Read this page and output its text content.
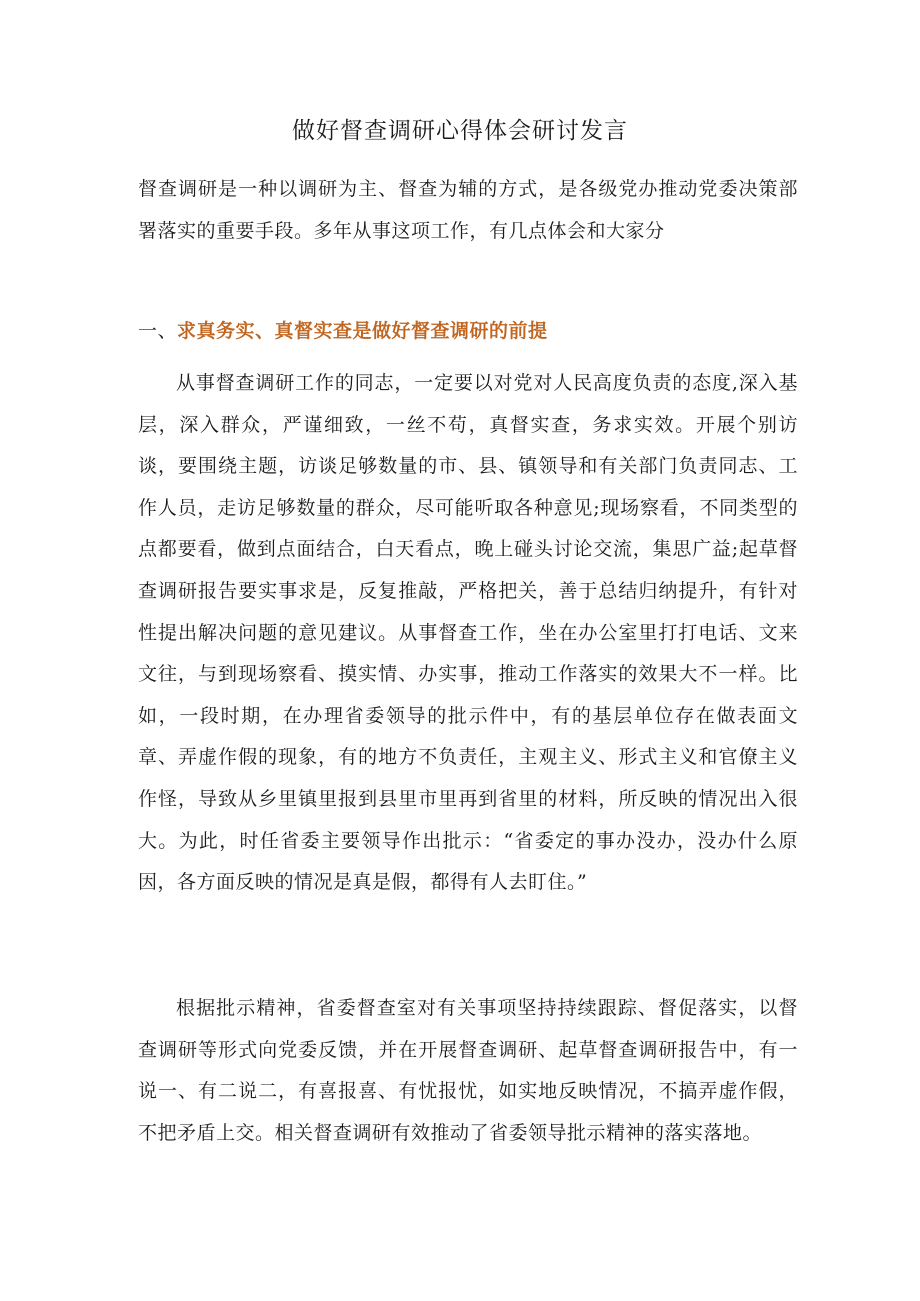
做好督查调研心得体会研讨发言

督查调研是一种以调研为主、督查为辅的方式，是各级党办推动党委决策部署落实的重要手段。多年从事这项工作，有几点体会和大家分

一、求真务实、真督实查是做好督查调研的前提

从事督查调研工作的同志，一定要以对党对人民高度负责的态度,深入基层，深入群众，严谨细致，一丝不苟，真督实查，务求实效。开展个别访谈，要围绕主题，访谈足够数量的市、县、镇领导和有关部门负责同志、工作人员，走访足够数量的群众，尽可能听取各种意见;现场察看，不同类型的点都要看，做到点面结合，白天看点，晚上碰头讨论交流，集思广益;起草督查调研报告要实事求是，反复推敲，严格把关，善于总结归纳提升，有针对性提出解决问题的意见建议。从事督查工作，坐在办公室里打打电话、文来文往，与到现场察看、摸实情、办实事，推动工作落实的效果大不一样。比如，一段时期，在办理省委领导的批示件中，有的基层单位存在做表面文章、弄虚作假的现象，有的地方不负责任，主观主义、形式主义和官僚主义作怪，导致从乡里镇里报到县里市里再到省里的材料，所反映的情况出入很大。为此，时任省委主要领导作出批示：“省委定的事办没办，没办什么原因，各方面反映的情况是真是假，都得有人去盯住。”

根据批示精神，省委督查室对有关事项坚持持续跟踪、督促落实，以督查调研等形式向党委反馈，并在开展督查调研、起草督查调研报告中，有一说一、有二说二，有喜报喜、有忧报忧，如实地反映情况，不搞弄虚作假，不把矛盾上交。相关督查调研有效推动了省委领导批示精神的落实落地。
